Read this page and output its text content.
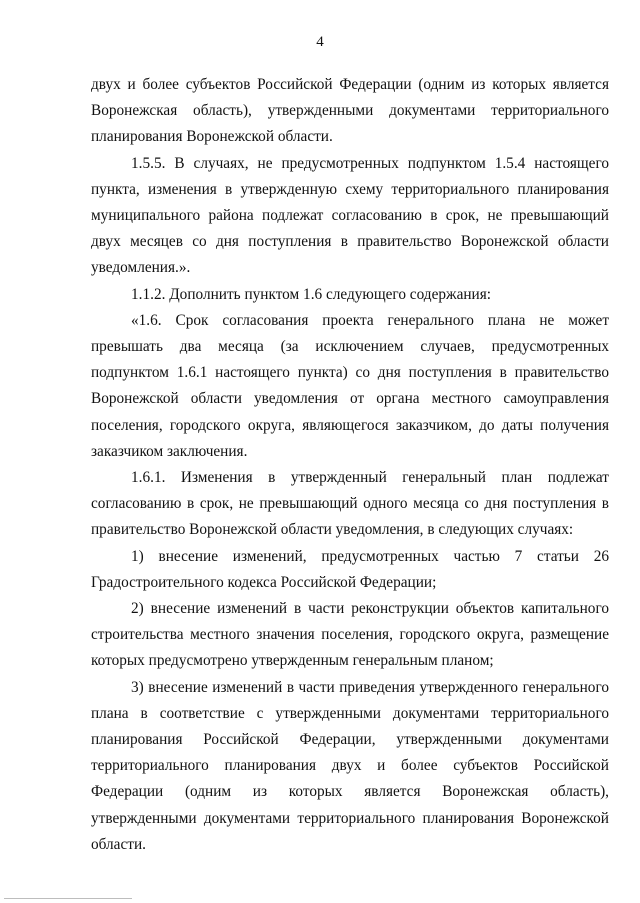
4

двух и более субъектов Российской Федерации (одним из которых является Воронежская область), утвержденными документами территориального планирования Воронежской области.

1.5.5. В случаях, не предусмотренных подпунктом 1.5.4 настоящего пункта, изменения в утвержденную схему территориального планирования муниципального района подлежат согласованию в срок, не превышающий двух месяцев со дня поступления в правительство Воронежской области уведомления.».

1.1.2. Дополнить пунктом 1.6 следующего содержания:

«1.6. Срок согласования проекта генерального плана не может превышать два месяца (за исключением случаев, предусмотренных подпунктом 1.6.1 настоящего пункта) со дня поступления в правительство Воронежской области уведомления от органа местного самоуправления поселения, городского округа, являющегося заказчиком, до даты получения заказчиком заключения.

1.6.1. Изменения в утвержденный генеральный план подлежат согласованию в срок, не превышающий одного месяца со дня поступления в правительство Воронежской области уведомления, в следующих случаях:

1) внесение изменений, предусмотренных частью 7 статьи 26 Градостроительного кодекса Российской Федерации;

2) внесение изменений в части реконструкции объектов капитального строительства местного значения поселения, городского округа, размещение которых предусмотрено утвержденным генеральным планом;

3) внесение изменений в части приведения утвержденного генерального плана в соответствие с утвержденными документами территориального планирования Российской Федерации, утвержденными документами территориального планирования двух и более субъектов Российской Федерации (одним из которых является Воронежская область), утвержденными документами территориального планирования Воронежской области.
